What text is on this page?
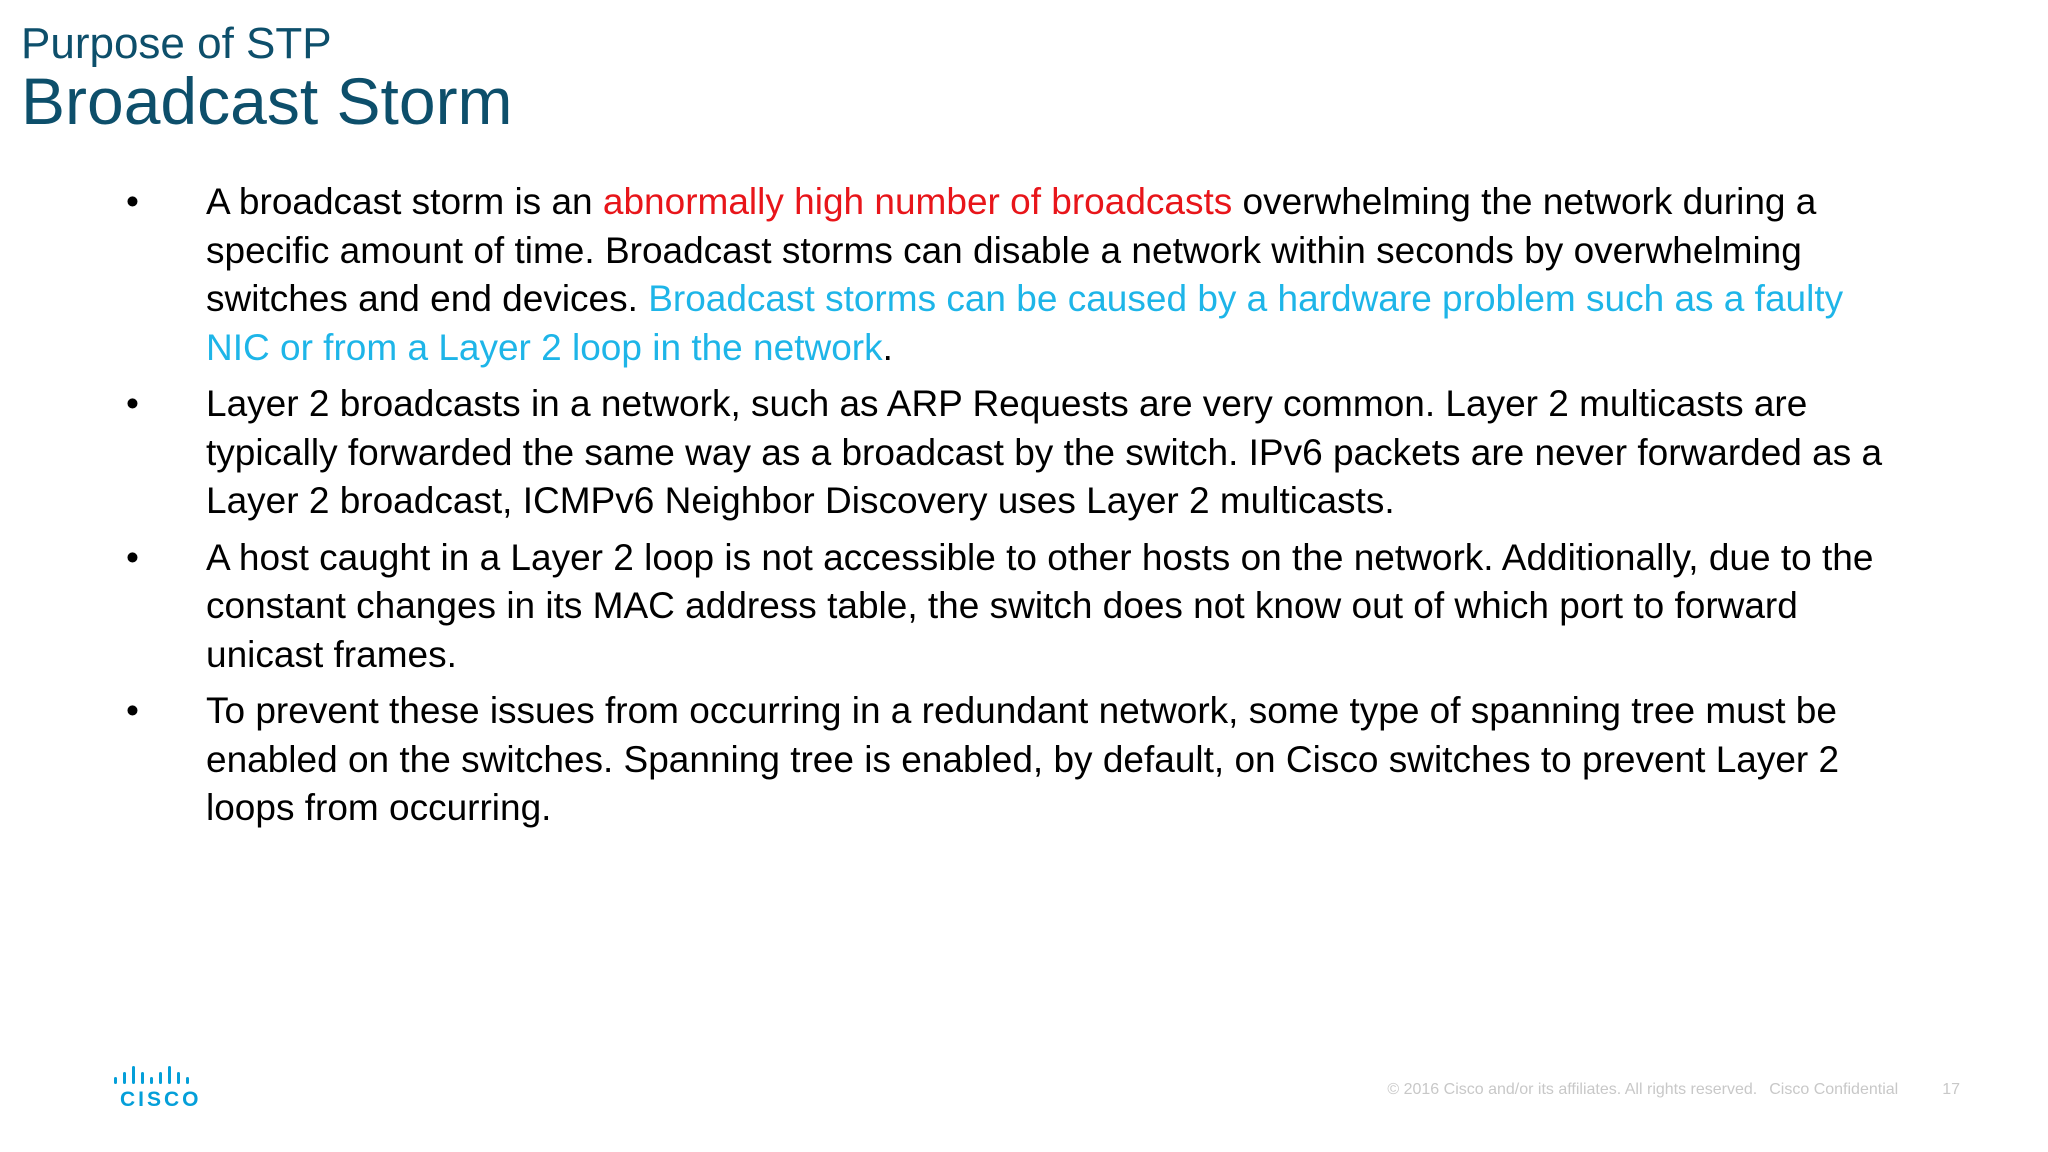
Purpose of STP
Broadcast Storm
•	A broadcast storm is an abnormally high number of broadcasts overwhelming the network during a specific amount of time. Broadcast storms can disable a network within seconds by overwhelming switches and end devices. Broadcast storms can be caused by a hardware problem such as a faulty NIC or from a Layer 2 loop in the network.
•	Layer 2 broadcasts in a network, such as ARP Requests are very common. Layer 2 multicasts are typically forwarded the same way as a broadcast by the switch. IPv6 packets are never forwarded as a Layer 2 broadcast, ICMPv6 Neighbor Discovery uses Layer 2 multicasts.
•	A host caught in a Layer 2 loop is not accessible to other hosts on the network. Additionally, due to the constant changes in its MAC address table, the switch does not know out of which port to forward unicast frames.
•	To prevent these issues from occurring in a redundant network, some type of spanning tree must be enabled on the switches. Spanning tree is enabled, by default, on Cisco switches to prevent Layer 2 loops from occurring.
CISCO	© 2016 Cisco and/or its affiliates. All rights reserved. Cisco Confidential	17
